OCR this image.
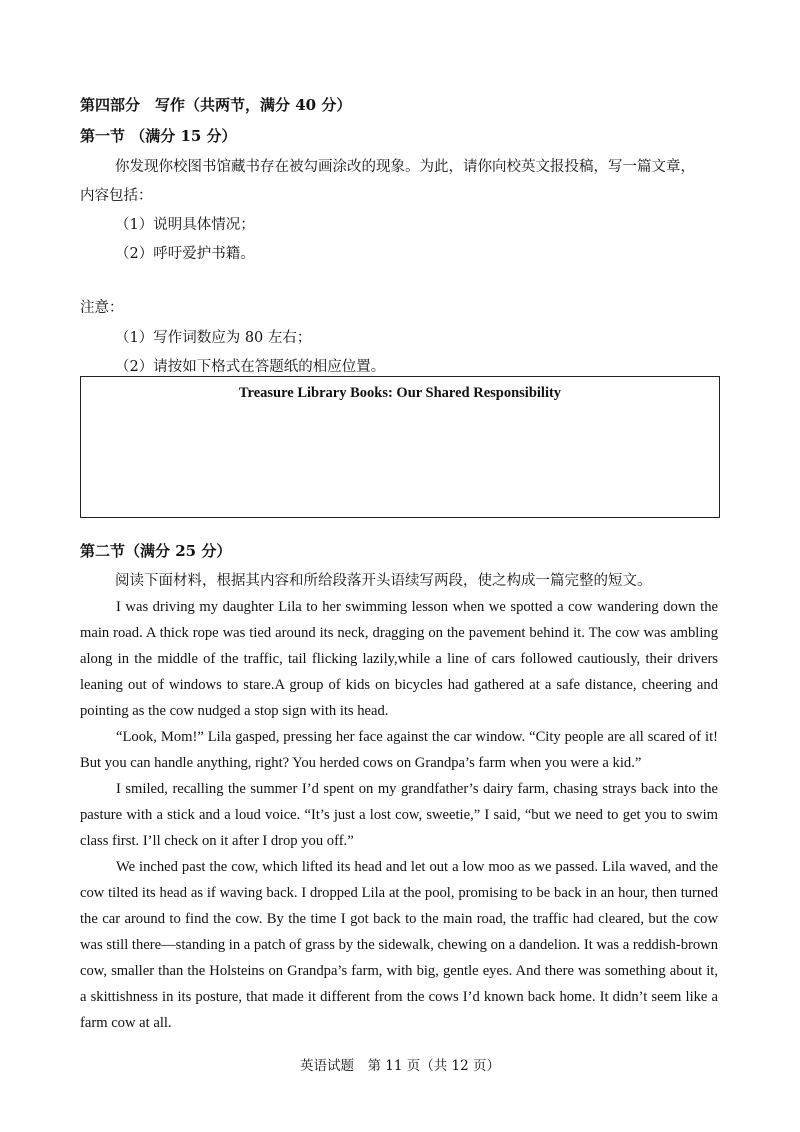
第四部分　写作（共两节，满分 40 分）
第一节 （满分 15 分）
你发现你校图书馆藏书存在被勾画涂改的现象。为此，请你向校英文报投稿，写一篇文章，
内容包括：
（1）说明具体情况；
（2）呼吁爱护书籍。
注意：
（1）写作词数应为 80 左右；
（2）请按如下格式在答题纸的相应位置。
Treasure Library Books: Our Shared Responsibility
第二节（满分 25 分）
阅读下面材料，根据其内容和所给段落开头语续写两段，使之构成一篇完整的短文。

I was driving my daughter Lila to her swimming lesson when we spotted a cow wandering down the main road. A thick rope was tied around its neck, dragging on the pavement behind it. The cow was ambling along in the middle of the traffic, tail flicking lazily,while a line of cars followed cautiously, their drivers leaning out of windows to stare.A group of kids on bicycles had gathered at a safe distance, cheering and pointing as the cow nudged a stop sign with its head.

“Look, Mom!” Lila gasped, pressing her face against the car window. “City people are all scared of it! But you can handle anything, right? You herded cows on Grandpa’s farm when you were a kid.”

I smiled, recalling the summer I’d spent on my grandfather’s dairy farm, chasing strays back into the pasture with a stick and a loud voice. “It’s just a lost cow, sweetie,” I said, “but we need to get you to swim class first. I’ll check on it after I drop you off.”

We inched past the cow, which lifted its head and let out a low moo as we passed. Lila waved, and the cow tilted its head as if waving back. I dropped Lila at the pool, promising to be back in an hour, then turned the car around to find the cow. By the time I got back to the main road, the traffic had cleared, but the cow was still there—standing in a patch of grass by the sidewalk, chewing on a dandelion. It was a reddish-brown cow, smaller than the Holsteins on Grandpa’s farm, with big, gentle eyes. And there was something about it, a skittishness in its posture, that made it different from the cows I’d known back home. It didn’t seem like a farm cow at all.

英语试题　第 11 页（共 12 页）
